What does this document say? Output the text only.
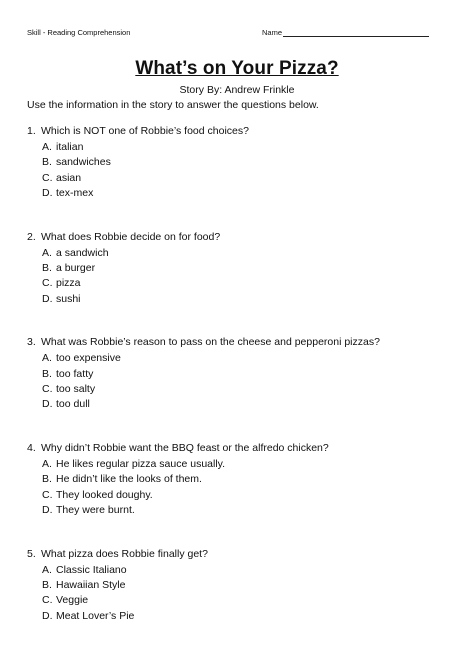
Skill - Reading Comprehension	Name
What’s on Your Pizza?
Story By: Andrew Frinkle
Use the information in the story to answer the questions below.
1. Which is NOT one of Robbie’s food choices?
A. italian
B. sandwiches
C. asian
D. tex-mex
2. What does Robbie decide on for food?
A. a sandwich
B. a burger
C. pizza
D. sushi
3. What was Robbie’s reason to pass on the cheese and pepperoni pizzas?
A. too expensive
B. too fatty
C. too salty
D. too dull
4. Why didn’t Robbie want the BBQ feast or the alfredo chicken?
A. He likes regular pizza sauce usually.
B. He didn’t like the looks of them.
C. They looked doughy.
D. They were burnt.
5. What pizza does Robbie finally get?
A. Classic Italiano
B. Hawaiian Style
C. Veggie
D. Meat Lover’s Pie
